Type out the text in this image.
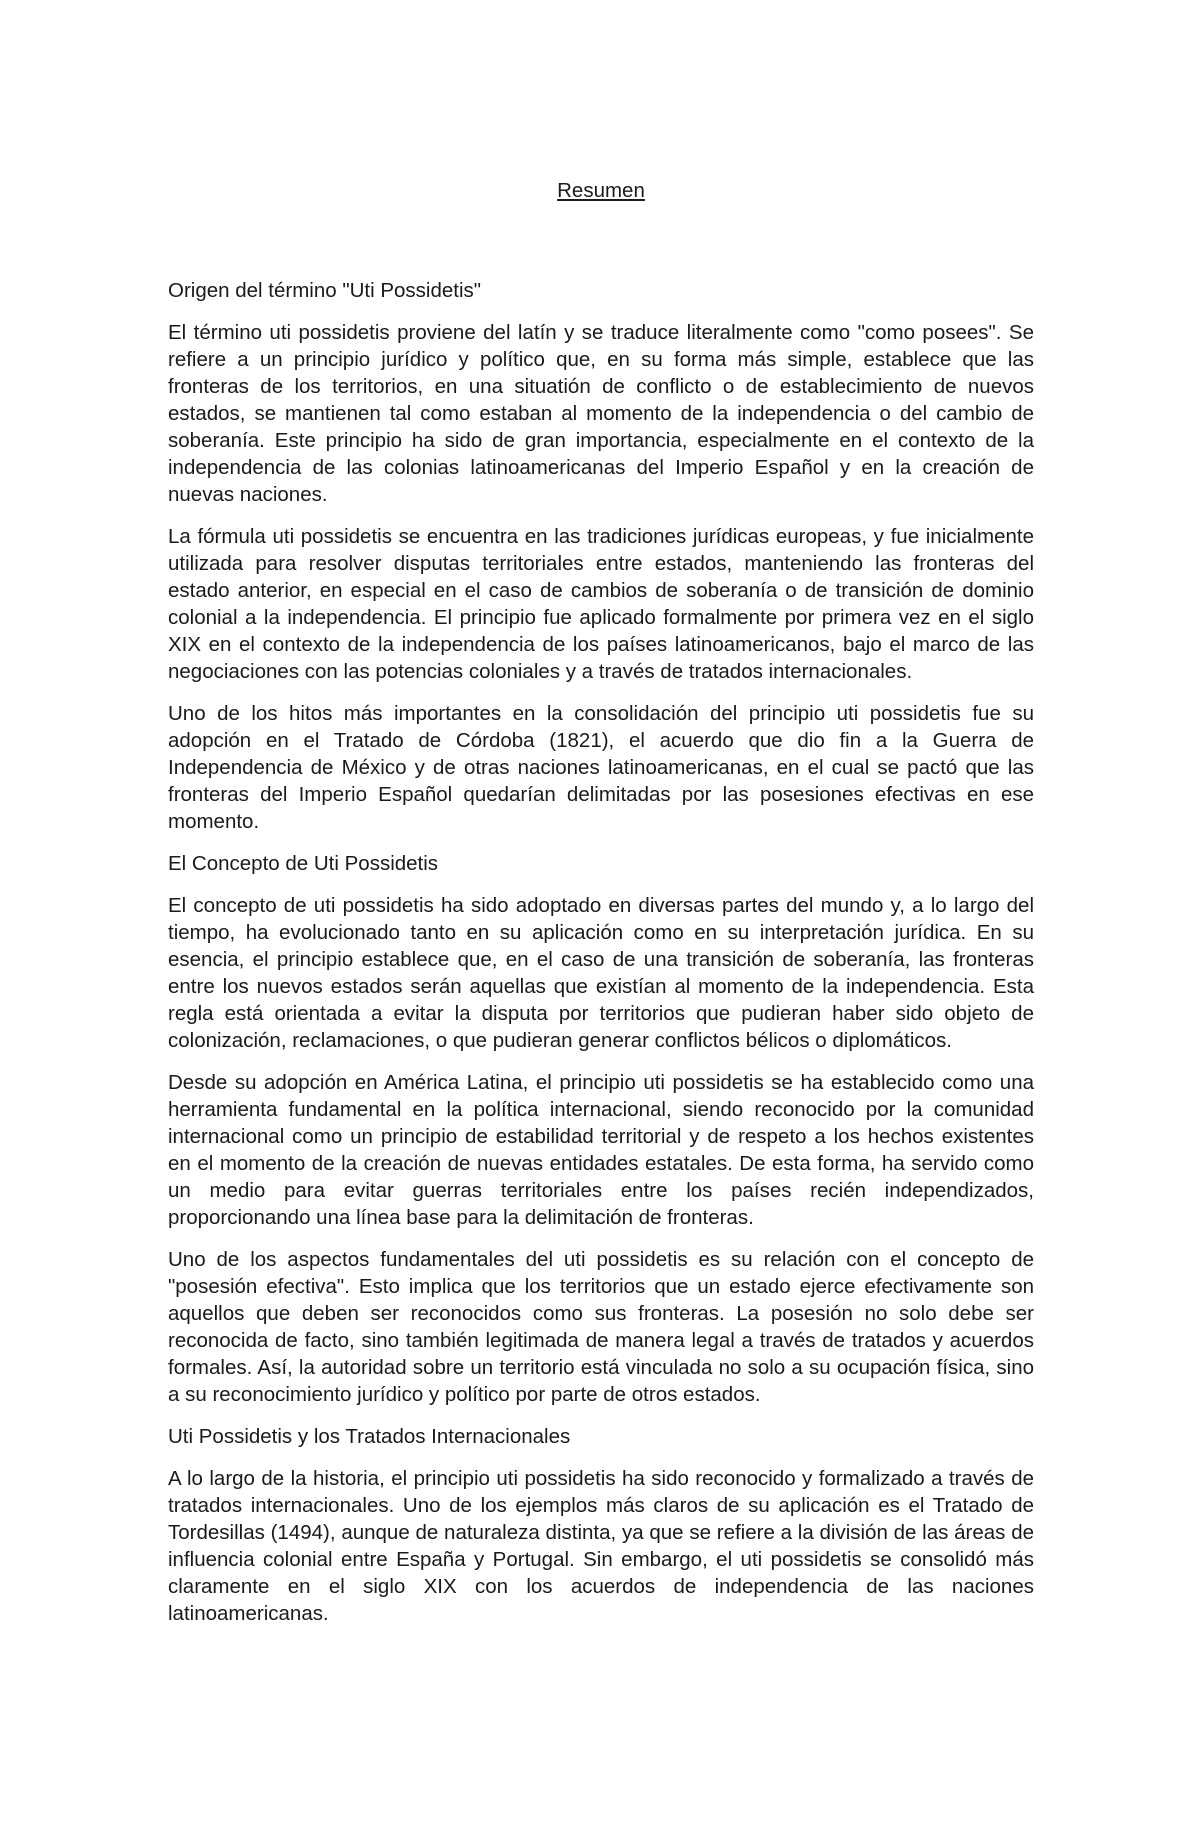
Resumen
Origen del término "Uti Possidetis"

El término uti possidetis proviene del latín y se traduce literalmente como "como posees". Se refiere a un principio jurídico y político que, en su forma más simple, establece que las fronteras de los territorios, en una situatión de conflicto o de establecimiento de nuevos estados, se mantienen tal como estaban al momento de la independencia o del cambio de soberanía. Este principio ha sido de gran importancia, especialmente en el contexto de la independencia de las colonias latinoamericanas del Imperio Español y en la creación de nuevas naciones.

La fórmula uti possidetis se encuentra en las tradiciones jurídicas europeas, y fue inicialmente utilizada para resolver disputas territoriales entre estados, manteniendo las fronteras del estado anterior, en especial en el caso de cambios de soberanía o de transición de dominio colonial a la independencia. El principio fue aplicado formalmente por primera vez en el siglo XIX en el contexto de la independencia de los países latinoamericanos, bajo el marco de las negociaciones con las potencias coloniales y a través de tratados internacionales.

Uno de los hitos más importantes en la consolidación del principio uti possidetis fue su adopción en el Tratado de Córdoba (1821), el acuerdo que dio fin a la Guerra de Independencia de México y de otras naciones latinoamericanas, en el cual se pactó que las fronteras del Imperio Español quedarían delimitadas por las posesiones efectivas en ese momento.

El Concepto de Uti Possidetis

El concepto de uti possidetis ha sido adoptado en diversas partes del mundo y, a lo largo del tiempo, ha evolucionado tanto en su aplicación como en su interpretación jurídica. En su esencia, el principio establece que, en el caso de una transición de soberanía, las fronteras entre los nuevos estados serán aquellas que existían al momento de la independencia. Esta regla está orientada a evitar la disputa por territorios que pudieran haber sido objeto de colonización, reclamaciones, o que pudieran generar conflictos bélicos o diplomáticos.

Desde su adopción en América Latina, el principio uti possidetis se ha establecido como una herramienta fundamental en la política internacional, siendo reconocido por la comunidad internacional como un principio de estabilidad territorial y de respeto a los hechos existentes en el momento de la creación de nuevas entidades estatales. De esta forma, ha servido como un medio para evitar guerras territoriales entre los países recién independizados, proporcionando una línea base para la delimitación de fronteras.

Uno de los aspectos fundamentales del uti possidetis es su relación con el concepto de "posesión efectiva". Esto implica que los territorios que un estado ejerce efectivamente son aquellos que deben ser reconocidos como sus fronteras. La posesión no solo debe ser reconocida de facto, sino también legitimada de manera legal a través de tratados y acuerdos formales. Así, la autoridad sobre un territorio está vinculada no solo a su ocupación física, sino a su reconocimiento jurídico y político por parte de otros estados.

Uti Possidetis y los Tratados Internacionales

A lo largo de la historia, el principio uti possidetis ha sido reconocido y formalizado a través de tratados internacionales. Uno de los ejemplos más claros de su aplicación es el Tratado de Tordesillas (1494), aunque de naturaleza distinta, ya que se refiere a la división de las áreas de influencia colonial entre España y Portugal. Sin embargo, el uti possidetis se consolidó más claramente en el siglo XIX con los acuerdos de independencia de las naciones latinoamericanas.
